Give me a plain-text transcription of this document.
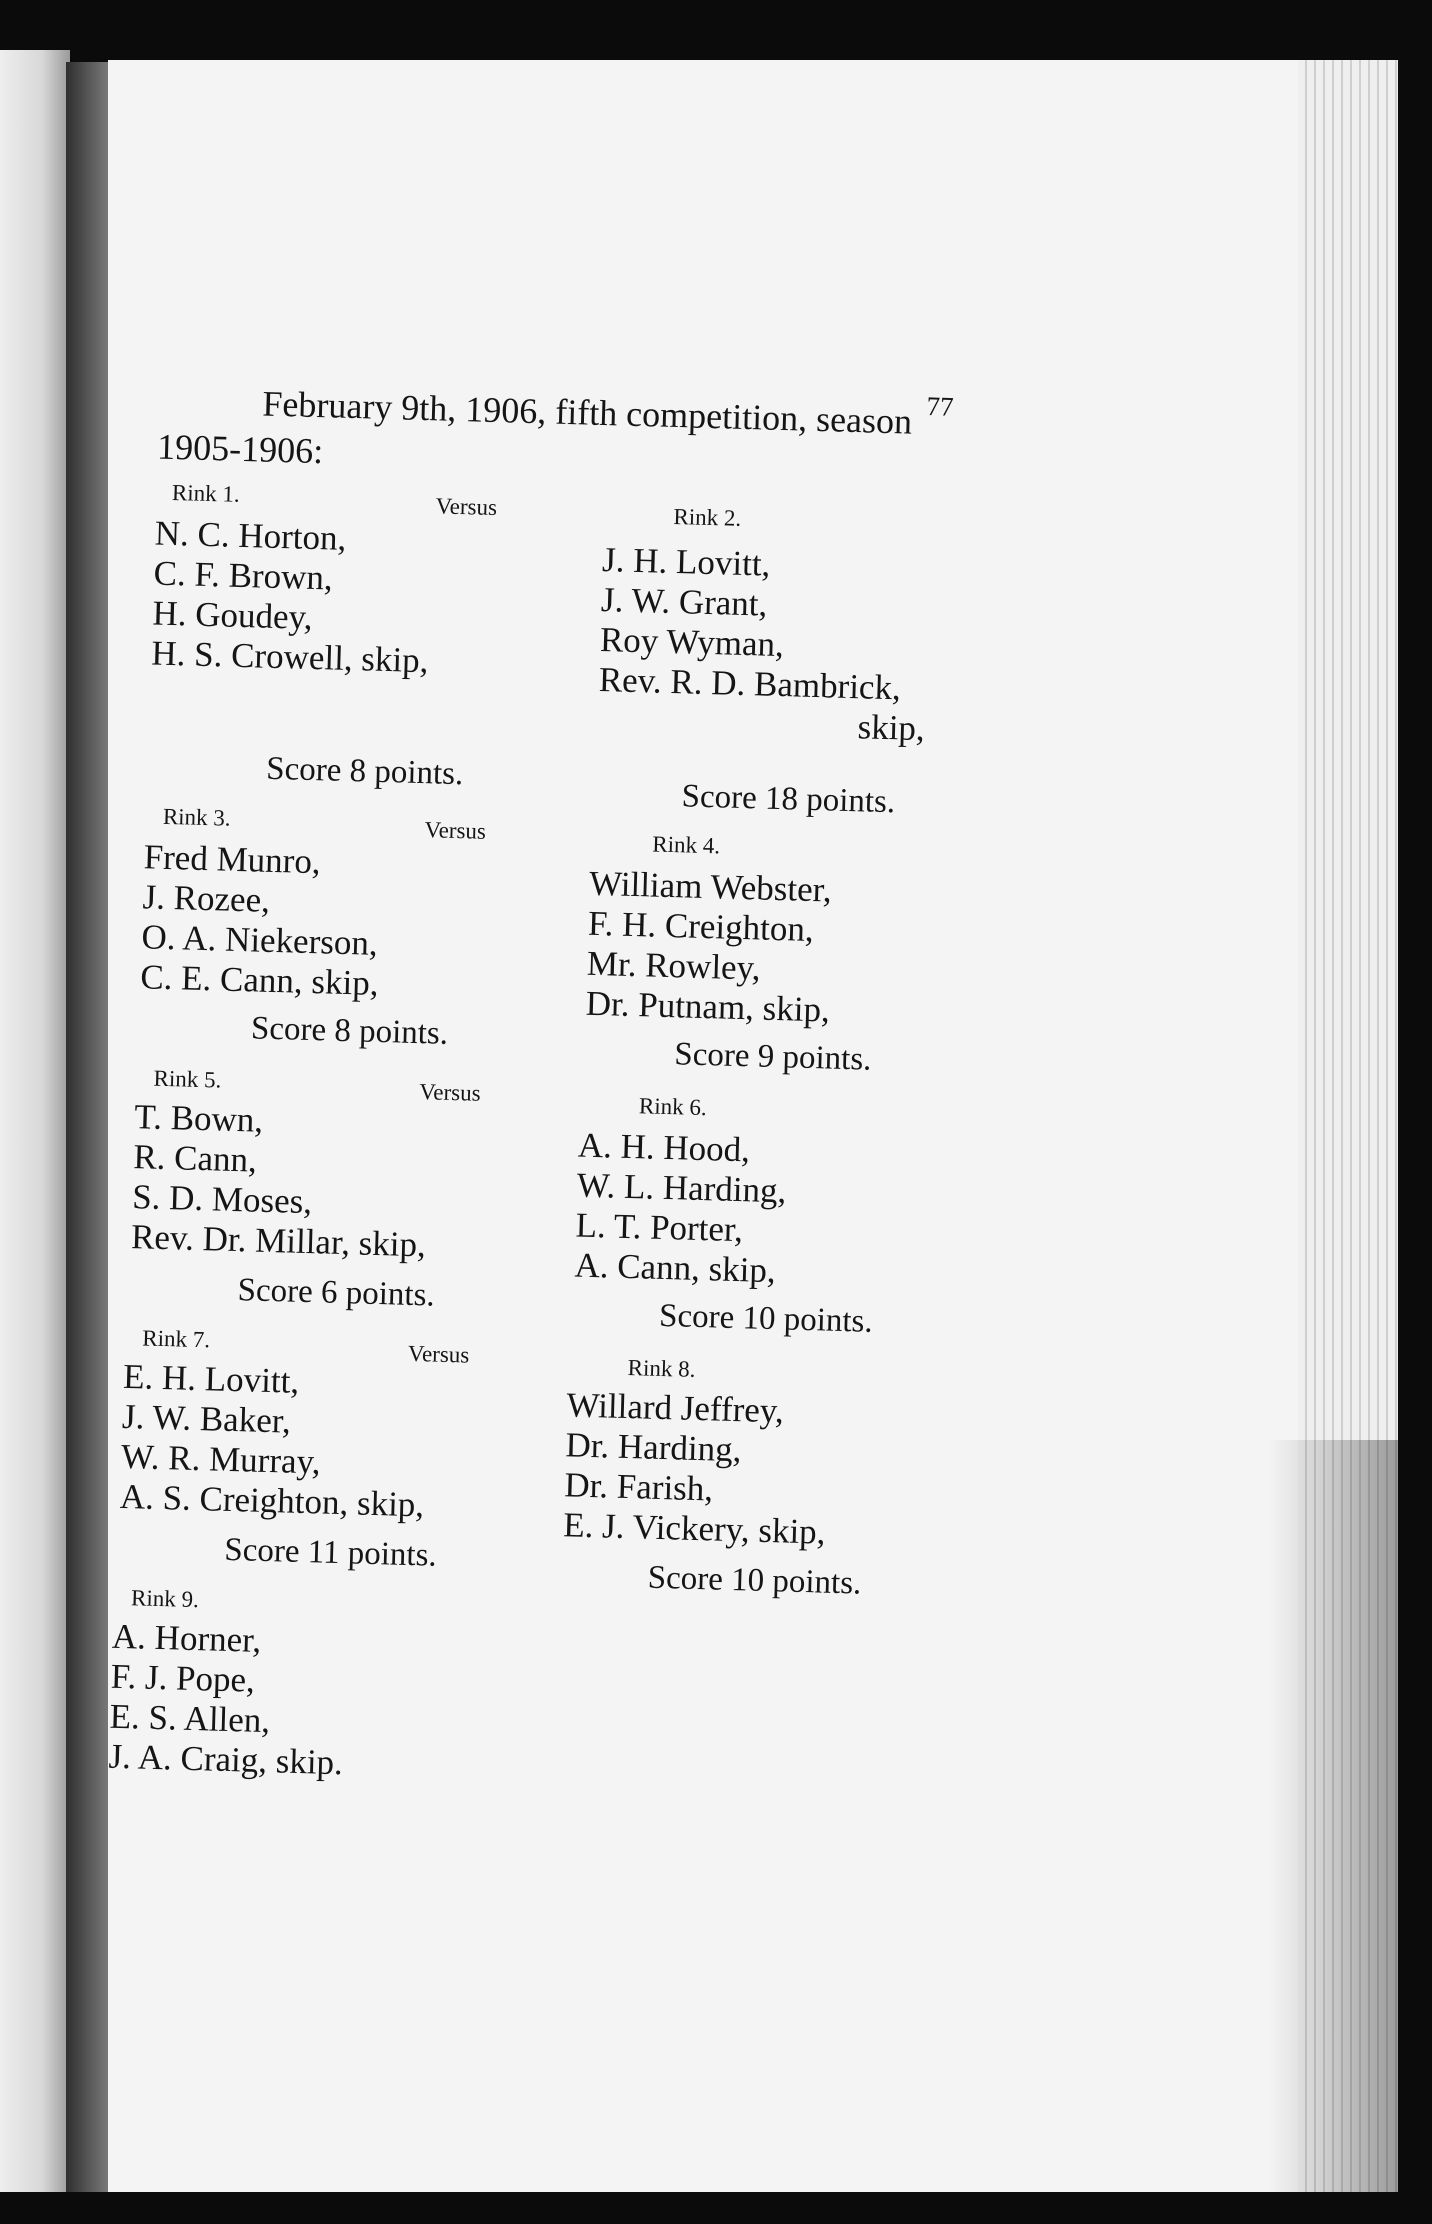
77
February 9th, 1906, fifth competition, season
1905-1906:
Rink 1.	Versus	Rink 2.
N. C. Horton,
C. F. Brown,
H. Goudey,
H. S. Crowell, skip,
J. H. Lovitt,
J. W. Grant,
Roy Wyman,
Rev. R. D. Bambrick,
skip,
Score 8 points.
Score 18 points.
Rink 3.	Versus
Rink 4.
Fred Munro,
J. Rozee,
O. A. Niekerson,
C. E. Cann, skip,
William Webster,
F. H. Creighton,
Mr. Rowley,
Dr. Putnam, skip,
Score 8 points.
Score 9 points.
Rink 5.	Versus
Rink 6.
T. Bown,
R. Cann,
S. D. Moses,
Rev. Dr. Millar, skip,
A. H. Hood,
W. L. Harding,
L. T. Porter,
A. Cann, skip,
Score 6 points.
Score 10 points.
Rink 7.
Versus
Rink 8.
E. H. Lovitt,
J. W. Baker,
W. R. Murray,
A. S. Creighton, skip,
Willard Jeffrey,
Dr. Harding,
Dr. Farish,
E. J. Vickery, skip,
Score 11 points.
Score 10 points.
Rink 9.
A. Horner,
F. J. Pope,
E. S. Allen,
J. A. Craig, skip.
